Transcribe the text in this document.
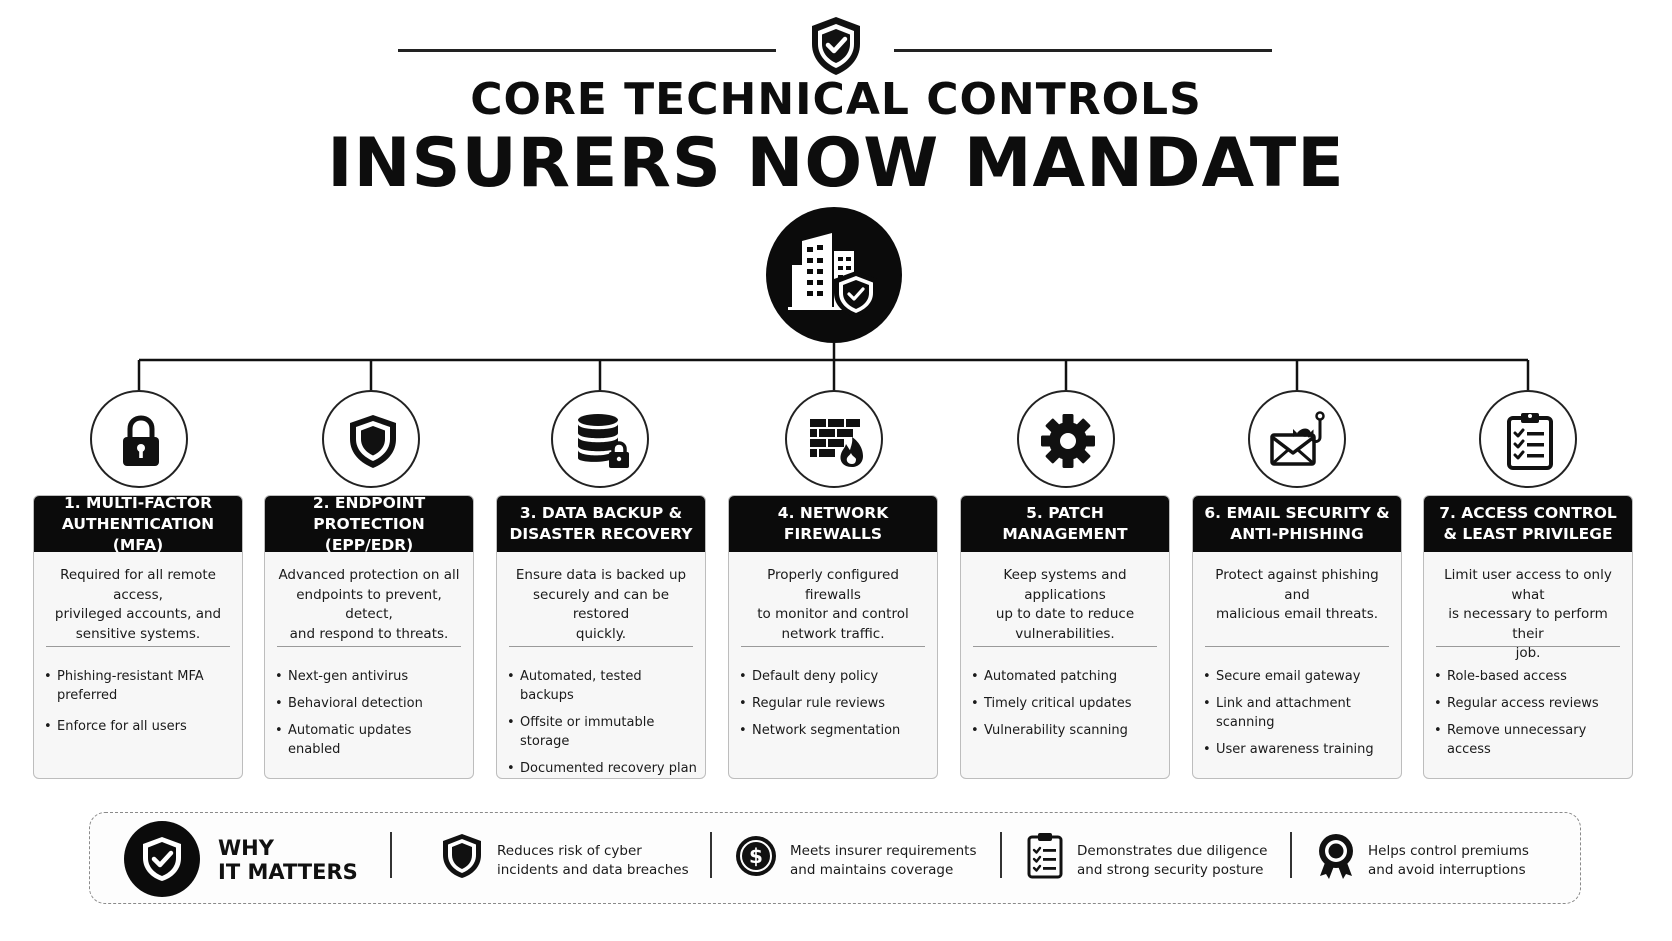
CORE TECHNICAL CONTROLS
INSURERS NOW MANDATE
1. MULTI-FACTOR
AUTHENTICATION (MFA)
Required for all remote access,
privileged accounts, and
sensitive systems.
• Phishing-resistant MFA preferred
• Enforce for all users
2. ENDPOINT
PROTECTION (EPP/EDR)
Advanced protection on all
endpoints to prevent, detect,
and respond to threats.
• Next-gen antivirus
• Behavioral detection
• Automatic updates enabled
3. DATA BACKUP &
DISASTER RECOVERY
Ensure data is backed up
securely and can be restored
quickly.
• Automated, tested backups
• Offsite or immutable storage
• Documented recovery plan
4. NETWORK
FIREWALLS
Properly configured firewalls
to monitor and control
network traffic.
• Default deny policy
• Regular rule reviews
• Network segmentation
5. PATCH
MANAGEMENT
Keep systems and applications
up to date to reduce
vulnerabilities.
• Automated patching
• Timely critical updates
• Vulnerability scanning
6. EMAIL SECURITY &
ANTI-PHISHING
Protect against phishing and
malicious email threats.
• Secure email gateway
• Link and attachment scanning
• User awareness training
7. ACCESS CONTROL
& LEAST PRIVILEGE
Limit user access to only what
is necessary to perform their
job.
• Role-based access
• Regular access reviews
• Remove unnecessary access
WHY
IT MATTERS
Reduces risk of cyber
incidents and data breaches
$ Meets insurer requirements
and maintains coverage
Demonstrates due diligence
and strong security posture
Helps control premiums
and avoid interruptions
